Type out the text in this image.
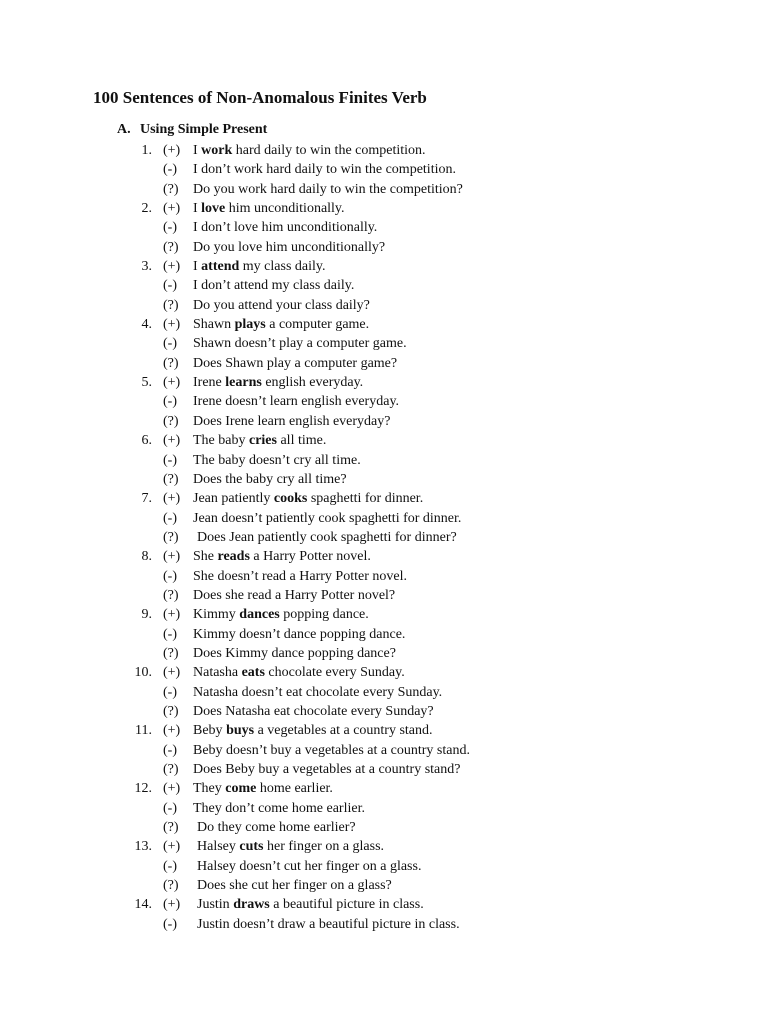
100 Sentences of Non-Anomalous Finites Verb
A. Using Simple Present
1. (+) I work hard daily to win the competition.
(-) I don’t work hard daily to win the competition.
(?) Do you work hard daily to win the competition?
2. (+) I love him unconditionally.
(-) I don’t love him unconditionally.
(?) Do you love him unconditionally?
3. (+) I attend my class daily.
(-) I don’t attend my class daily.
(?) Do you attend your class daily?
4. (+) Shawn plays a computer game.
(-) Shawn doesn’t play a computer game.
(?) Does Shawn play a computer game?
5. (+) Irene learns english everyday.
(-) Irene doesn’t learn english everyday.
(?) Does Irene learn english everyday?
6. (+) The baby cries all time.
(-) The baby doesn’t cry all time.
(?) Does the baby cry all time?
7. (+) Jean patiently cooks spaghetti for dinner.
(-) Jean doesn’t patiently cook spaghetti for dinner.
(?) Does Jean patiently cook spaghetti for dinner?
8. (+) She reads a Harry Potter novel.
(-) She doesn’t read a Harry Potter novel.
(?) Does she read a Harry Potter novel?
9. (+) Kimmy dances popping dance.
(-) Kimmy doesn’t dance popping dance.
(?) Does Kimmy dance popping dance?
10. (+) Natasha eats chocolate every Sunday.
(-) Natasha doesn’t eat chocolate every Sunday.
(?) Does Natasha eat chocolate every Sunday?
11. (+) Beby buys a vegetables at a country stand.
(-) Beby doesn’t buy a vegetables at a country stand.
(?) Does Beby buy a vegetables at a country stand?
12. (+) They come home earlier.
(-) They don’t come home earlier.
(?) Do they come home earlier?
13. (+) Halsey cuts her finger on a glass.
(-) Halsey doesn’t cut her finger on a glass.
(?) Does she cut her finger on a glass?
14. (+) Justin draws a beautiful picture in class.
(-) Justin doesn’t draw a beautiful picture in class.
